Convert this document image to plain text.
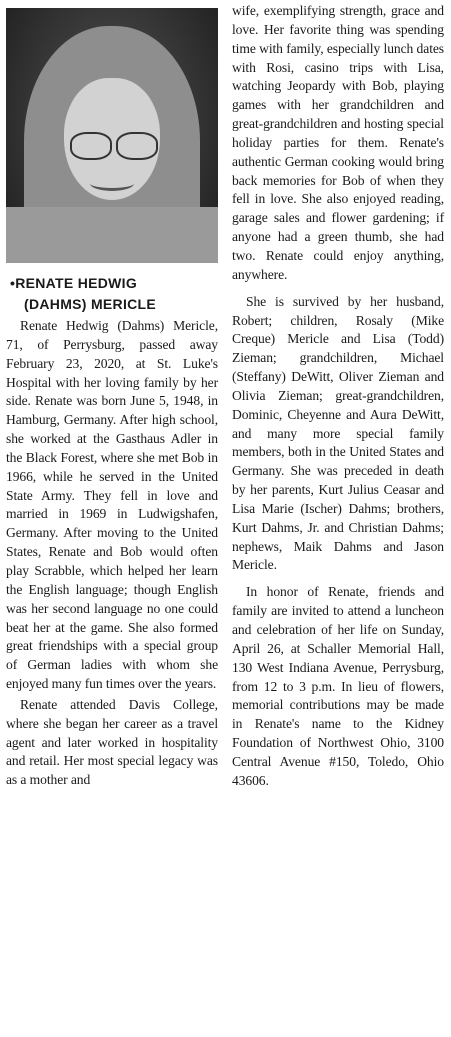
•RENATE HEDWIG
(DAHMS) MERICLE

Renate Hedwig (Dahms) Mericle, 71, of Perrysburg, passed away February 23, 2020, at St. Luke's Hospital with her loving family by her side. Renate was born June 5, 1948, in Hamburg, Germany. After high school, she worked at the Gasthaus Adler in the Black Forest, where she met Bob in 1966, while he served in the United State Army. They fell in love and married in 1969 in Ludwigshafen, Germany. After moving to the United States, Renate and Bob would often play Scrabble, which helped her learn the English language; though English was her second language no one could beat her at the game. She also formed great friendships with a special group of German ladies with whom she enjoyed many fun times over the years.

Renate attended Davis College, where she began her career as a travel agent and later worked in hospitality and retail. Her most special legacy was as a mother and

wife, exemplifying strength, grace and love. Her favorite thing was spending time with family, especially lunch dates with Rosi, casino trips with Lisa, watching Jeopardy with Bob, playing games with her grandchildren and great-grandchildren and hosting special holiday parties for them. Renate's authentic German cooking would bring back memories for Bob of when they fell in love. She also enjoyed reading, garage sales and flower gardening; if anyone had a green thumb, she had two. Renate could enjoy anything, anywhere.

She is survived by her husband, Robert; children, Rosaly (Mike Creque) Mericle and Lisa (Todd) Zieman; grandchildren, Michael (Steffany) DeWitt, Oliver Zieman and Olivia Zieman; great-grandchildren, Dominic, Cheyenne and Aura DeWitt, and many more special family members, both in the United States and Germany. She was preceded in death by her parents, Kurt Julius Ceasar and Lisa Marie (Ischer) Dahms; brothers, Kurt Dahms, Jr. and Christian Dahms; nephews, Maik Dahms and Jason Mericle.

In honor of Renate, friends and family are invited to attend a luncheon and celebration of her life on Sunday, April 26, at Schaller Memorial Hall, 130 West Indiana Avenue, Perrysburg, from 12 to 3 p.m. In lieu of flowers, memorial contributions may be made in Renate's name to the Kidney Foundation of Northwest Ohio, 3100 Central Avenue #150, Toledo, Ohio 43606.
